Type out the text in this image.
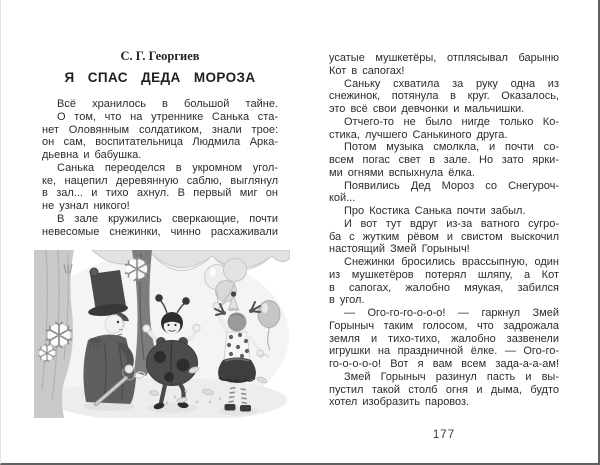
С. Г. Георгиев
Я СПАС ДЕДА МОРОЗА
Всё хранилось в большой тайне.
О том, что на утреннике Санька ста-
нет Оловянным солдатиком, знали трое:
он сам, воспитательница Людмила Арка-
дьевна и бабушка.
Санька переоделся в укромном угол-
ке, нацепил деревянную саблю, выглянул
в зал... и тихо ахнул. В первый миг он
не узнал никого!
В зале кружились сверкающие, почти
невесомые снежинки, чинно расхаживали
усатые мушкетёры, отплясывал барыню
Кот в сапогах!
Саньку схватила за руку одна из
снежинок, потянула в круг. Оказалось,
это всё свои девчонки и мальчишки.
Отчего-то не было нигде только Ко-
стика, лучшего Санькиного друга.
Потом музыка смолкла, и почти со-
всем погас свет в зале. Но зато ярки-
ми огнями вспыхнула ёлка.
Появились Дед Мороз со Снегуроч-
кой...
Про Костика Санька почти забыл.
И вот тут вдруг из-за ватного сугро-
ба с жутким рёвом и свистом выскочил
настоящий Змей Горыныч!
Снежинки бросились врассыпную, один
из мушкетёров потерял шляпу, а Кот
в сапогах, жалобно мяукая, забился
в угол.
— Ого-го-го-о-о-о! — гаркнул Змей
Горыныч таким голосом, что задрожала
земля и тихо-тихо, жалобно зазвенели
игрушки на праздничной ёлке. — Ого-го-
го-о-о-о-о! Вот я вам всем зада-а-а-ам!
Змей Горыныч разинул пасть и вы-
пустил такой столб огня и дыма, будто
хотел изобразить паровоз.
177
